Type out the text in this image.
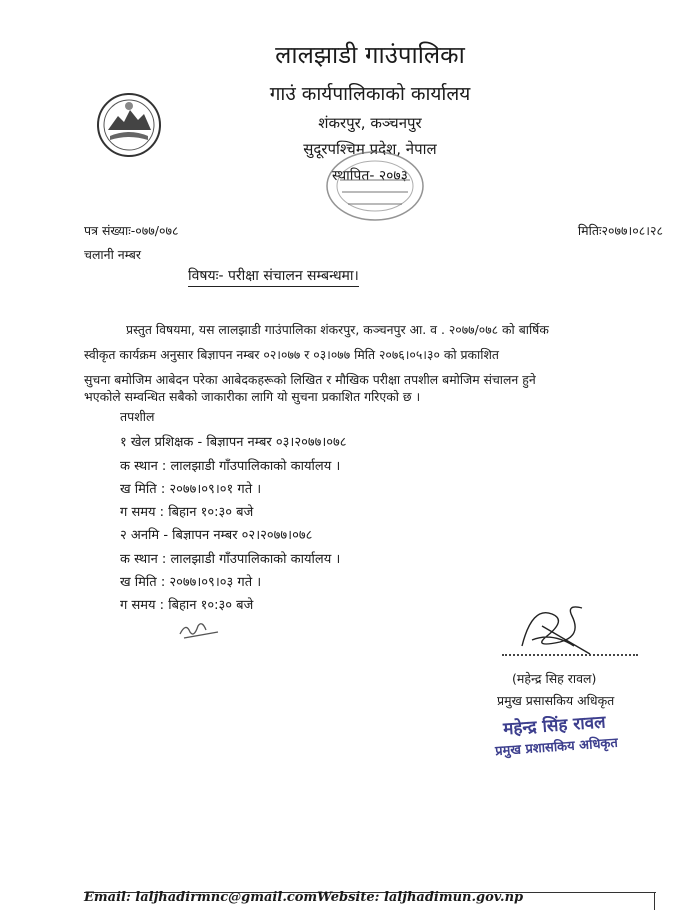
लालझाडी गाउंपालिका
गाउं कार्यपालिकाको कार्यालय
शंकरपुर, कञ्चनपुर
सुदूरपश्चिम प्रदेश, नेपाल
स्थापित- २०७३
पत्र संख्याः-०७७/०७८
चलानी नम्बर
मितिः२०७७।०८।२८
विषयः- परीक्षा संचालन सम्बन्धमा।
प्रस्तुत विषयमा, यस लालझाडी गाउंपालिका शंकरपुर, कञ्चनपुर आ. व . २०७७/०७८ को बार्षिक
स्वीकृत कार्यक्रम अनुसार बिज्ञापन नम्बर ०२।०७७ र ०३।०७७ मिति २०७६।०५।३० को प्रकाशित
सुचना बमोजिम आबेदन परेका आबेदकहरूको लिखित र मौखिक परीक्षा तपशील बमोजिम संचालन हुने
भएकोले सम्वन्धित सबैको जाकारीका लागि यो सुचना प्रकाशित गरिएको छ ।
तपशील
१ खेल प्रशिक्षक - बिज्ञापन नम्बर ०३।२०७७।०७८
क स्थान : लालझाडी गाँउपालिकाको कार्यालय ।
ख मिति : २०७७।०९।०१ गते ।
ग समय : बिहान १०:३० बजे
२ अनमि - बिज्ञापन नम्बर ०२।२०७७।०७८
क स्थान : लालझाडी गाँउपालिकाको कार्यालय ।
ख मिति : २०७७।०९।०३ गते ।
ग समय : बिहान १०:३० बजे
(महेन्द्र सिह रावल)
प्रमुख प्रसासकिय अधिकृत
महेन्द्र सिंह रावल
प्रमुख प्रशासकिय अधिकृत
Email: laljhadirmnc@gmail.comWebsite: laljhadimun.gov.np
